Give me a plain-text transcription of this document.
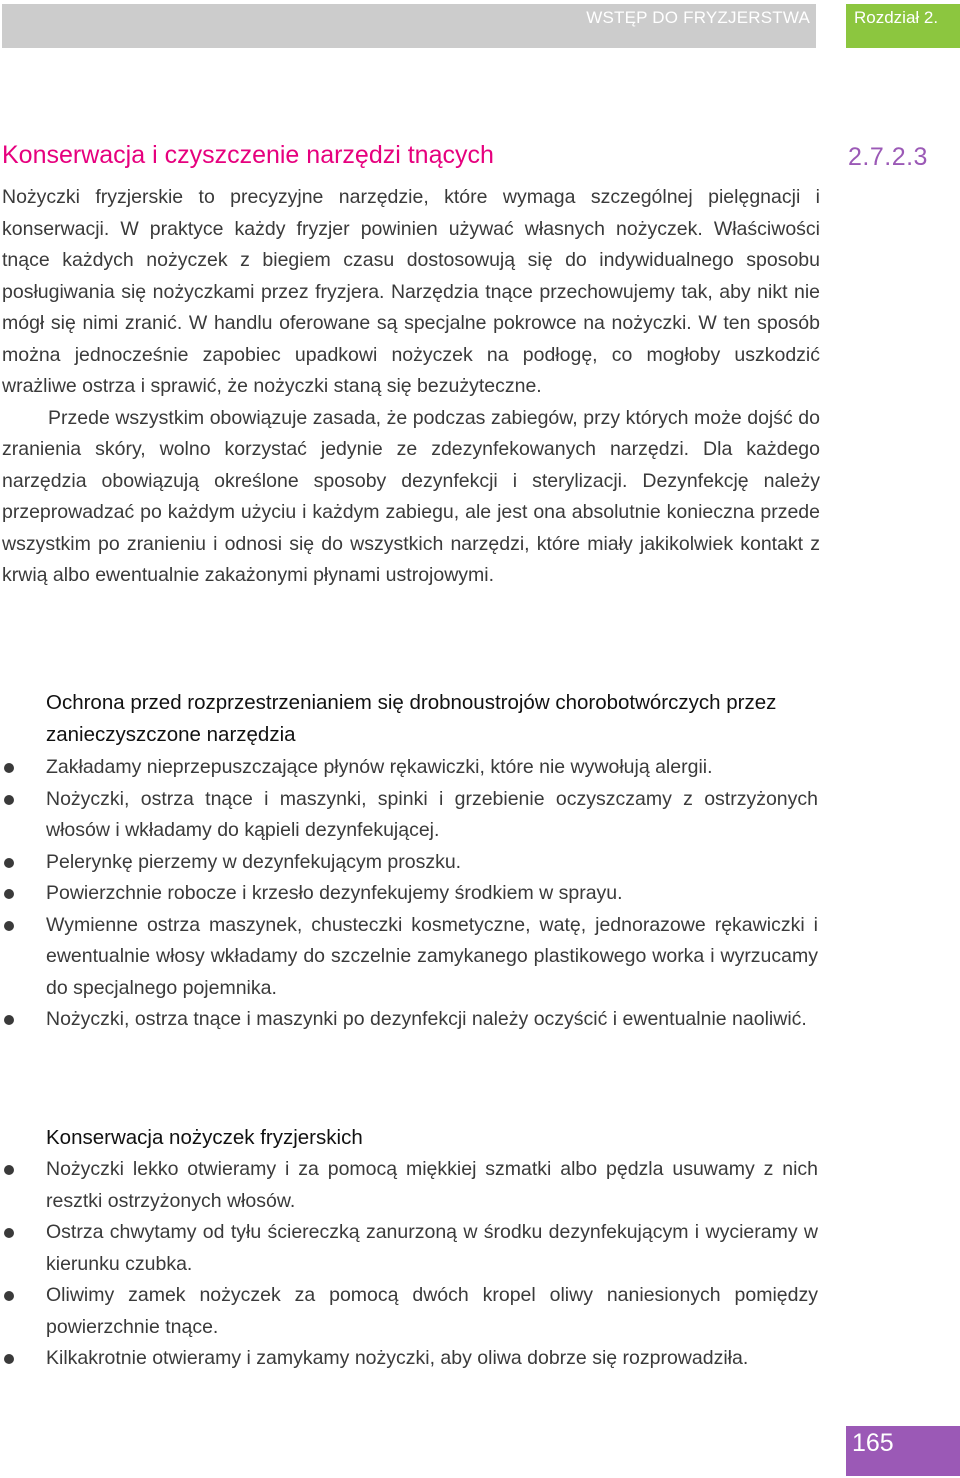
WSTĘP DO FRYZJERSTWA	Rozdział 2.
Konserwacja i czyszczenie narzędzi tnących	2.7.2.3

Nożyczki fryzjerskie to precyzyjne narzędzie, które wymaga szczególnej pielęgnacji i konserwacji. W praktyce każdy fryzjer powinien używać własnych nożyczek. Właściwości tnące każdych nożyczek z biegiem czasu dostosowują się do indywidualnego sposobu posługiwania się nożyczkami przez fryzjera. Narzędzia tnące przechowujemy tak, aby nikt nie mógł się nimi zranić. W handlu oferowane są specjalne pokrowce na nożyczki. W ten sposób można jednocześnie zapobiec upadkowi nożyczek na podłogę, co mogłoby uszkodzić wrażliwe ostrza i sprawić, że nożyczki staną się bezużyteczne.

Przede wszystkim obowiązuje zasada, że podczas zabiegów, przy których może dojść do zranienia skóry, wolno korzystać jedynie ze zdezynfekowanych narzędzi. Dla każdego narzędzia obowiązują określone sposoby dezynfekcji i sterylizacji. Dezynfekcję należy przeprowadzać po każdym użyciu i każdym zabiegu, ale jest ona absolutnie konieczna przede wszystkim po zranieniu i odnosi się do wszystkich narzędzi, które miały jakikolwiek kontakt z krwią albo ewentualnie zakażonymi płynami ustrojowymi.

Ochrona przed rozprzestrzenianiem się drobnoustrojów chorobotwórczych przez zanieczyszczone narzędzia
Zakładamy nieprzepuszczające płynów rękawiczki, które nie wywołują alergii.
Nożyczki, ostrza tnące i maszynki, spinki i grzebienie oczyszczamy z ostrzyżonych włosów i wkładamy do kąpieli dezynfekującej.
Pelerynkę pierzemy w dezynfekującym proszku.
Powierzchnie robocze i krzesło dezynfekujemy środkiem w sprayu.
Wymienne ostrza maszynek, chusteczki kosmetyczne, watę, jednorazowe rękawiczki i ewentualnie włosy wkładamy do szczelnie zamykanego plastikowego worka i wyrzucamy do specjalnego pojemnika.
Nożyczki, ostrza tnące i maszynki po dezynfekcji należy oczyścić i ewentualnie naoliwić.
Konserwacja nożyczek fryzjerskich
Nożyczki lekko otwieramy i za pomocą miękkiej szmatki albo pędzla usuwamy z nich resztki ostrzyżonych włosów.
Ostrza chwytamy od tyłu ściereczką zanurzoną w środku dezynfekującym i wycieramy w kierunku czubka.
Oliwimy zamek nożyczek za pomocą dwóch kropel oliwy naniesionych pomiędzy powierzchnie tnące.
Kilkakrotnie otwieramy i zamykamy nożyczki, aby oliwa dobrze się rozprowadziła.
165
